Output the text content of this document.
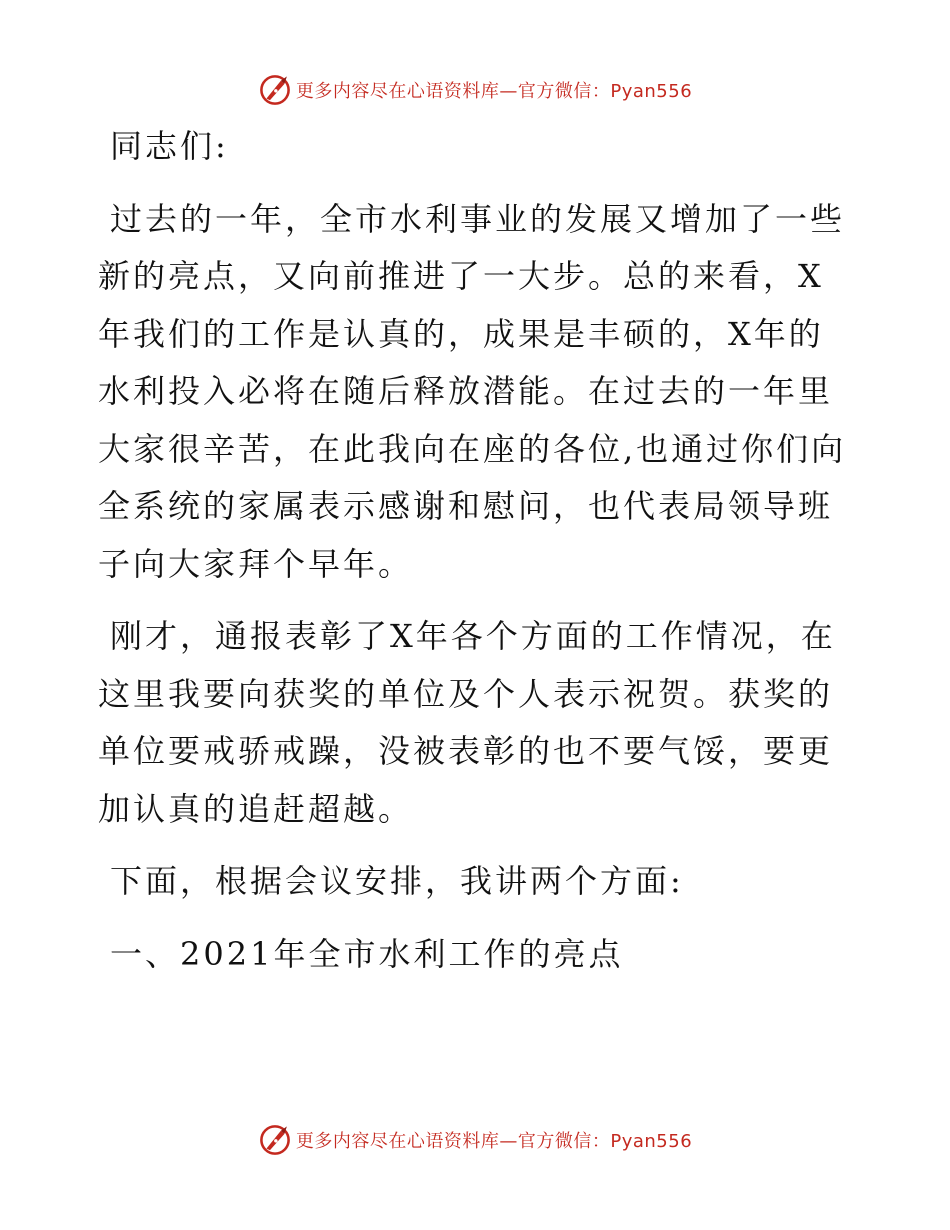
更多内容尽在心语资料库—官方微信：Pyan556

同志们:

过去的一年，全市水利事业的发展又增加了一些新的亮点，又向前推进了一大步。总的来看，X年我们的工作是认真的，成果是丰硕的，X年的水利投入必将在随后释放潜能。在过去的一年里大家很辛苦，在此我向在座的各位,也通过你们向全系统的家属表示感谢和慰问，也代表局领导班子向大家拜个早年。

刚才，通报表彰了X年各个方面的工作情况，在这里我要向获奖的单位及个人表示祝贺。获奖的单位要戒骄戒躁，没被表彰的也不要气馁，要更加认真的追赶超越。

下面，根据会议安排，我讲两个方面:

一、2021年全市水利工作的亮点

更多内容尽在心语资料库—官方微信：Pyan556
